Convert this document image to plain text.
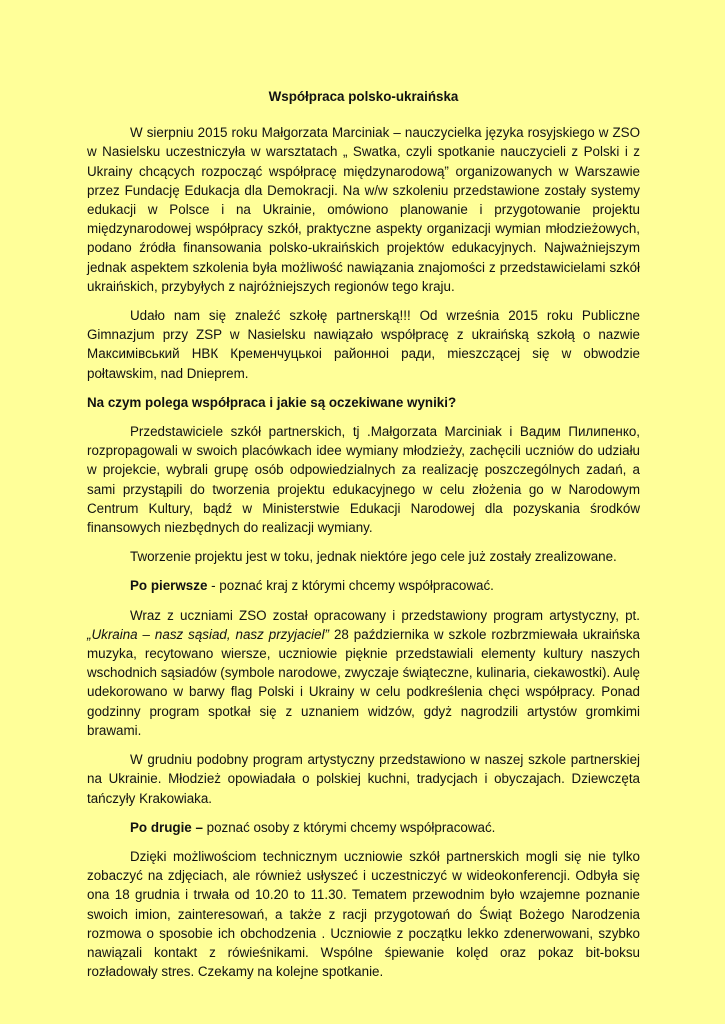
Współpraca polsko-ukraińska

W sierpniu 2015 roku Małgorzata Marciniak – nauczycielka języka rosyjskiego w ZSO w Nasielsku uczestniczyła w warsztatach „ Swatka, czyli spotkanie nauczycieli z Polski i z Ukrainy chcących rozpocząć współpracę międzynarodową” organizowanych w Warszawie przez Fundację Edukacja dla Demokracji. Na w/w szkoleniu przedstawione zostały systemy edukacji w Polsce i na Ukrainie, omówiono planowanie i przygotowanie projektu międzynarodowej współpracy szkół, praktyczne aspekty organizacji wymian młodzieżowych, podano źródła finansowania polsko-ukraińskich projektów edukacyjnych. Najważniejszym jednak aspektem szkolenia była możliwość nawiązania znajomości z przedstawicielami szkół ukraińskich, przybyłych z najróżniejszych regionów tego kraju.

Udało nam się znaleźć szkołę partnerską!!! Od września 2015 roku Publiczne Gimnazjum przy ZSP w Nasielsku nawiązało współpracę z ukraińską szkołą o nazwie Максимівський НВК Кременчуцькоі районноі ради, mieszczącej się w obwodzie połtawskim, nad Dnieprem.

Na czym polega współpraca i jakie są oczekiwane wyniki?

Przedstawiciele szkół partnerskich, tj .Małgorzata Marciniak i Вадим Пилипенко, rozpropagowali w swoich placówkach idee wymiany młodzieży, zachęcili uczniów do udziału w projekcie, wybrali grupę osób odpowiedzialnych za realizację poszczególnych zadań, a sami przystąpili do tworzenia projektu edukacyjnego w celu złożenia go w Narodowym Centrum Kultury, bądź w Ministerstwie Edukacji Narodowej dla pozyskania środków finansowych niezbędnych do realizacji wymiany.

Tworzenie projektu jest w toku, jednak niektóre jego cele już zostały zrealizowane.

Po pierwsze - poznać kraj z którymi chcemy współpracować.

Wraz z uczniami ZSO został opracowany i przedstawiony program artystyczny, pt. „Ukraina – nasz sąsiad, nasz przyjaciel” 28 października w szkole rozbrzmiewała ukraińska muzyka, recytowano wiersze, uczniowie pięknie przedstawiali elementy kultury naszych wschodnich sąsiadów (symbole narodowe, zwyczaje świąteczne, kulinaria, ciekawostki). Aulę udekorowano w barwy flag Polski i Ukrainy w celu podkreślenia chęci współpracy. Ponad godzinny program spotkał się z uznaniem widzów, gdyż nagrodzili artystów gromkimi brawami.

W grudniu podobny program artystyczny przedstawiono w naszej szkole partnerskiej na Ukrainie. Młodzież opowiadała o polskiej kuchni, tradycjach i obyczajach. Dziewczęta tańczyły Krakowiaka.

Po drugie – poznać osoby z którymi chcemy współpracować.

Dzięki możliwościom technicznym uczniowie szkół partnerskich mogli się nie tylko zobaczyć na zdjęciach, ale również usłyszeć i uczestniczyć w wideokonferencji. Odbyła się ona 18 grudnia i trwała od 10.20 to 11.30. Tematem przewodnim było wzajemne poznanie swoich imion, zainteresowań, a także z racji przygotowań do Świąt Bożego Narodzenia rozmowa o sposobie ich obchodzenia . Uczniowie z początku lekko zdenerwowani, szybko nawiązali kontakt z rówieśnikami. Wspólne śpiewanie kolęd oraz pokaz bit-boksu rozładowały stres. Czekamy na kolejne spotkanie.
